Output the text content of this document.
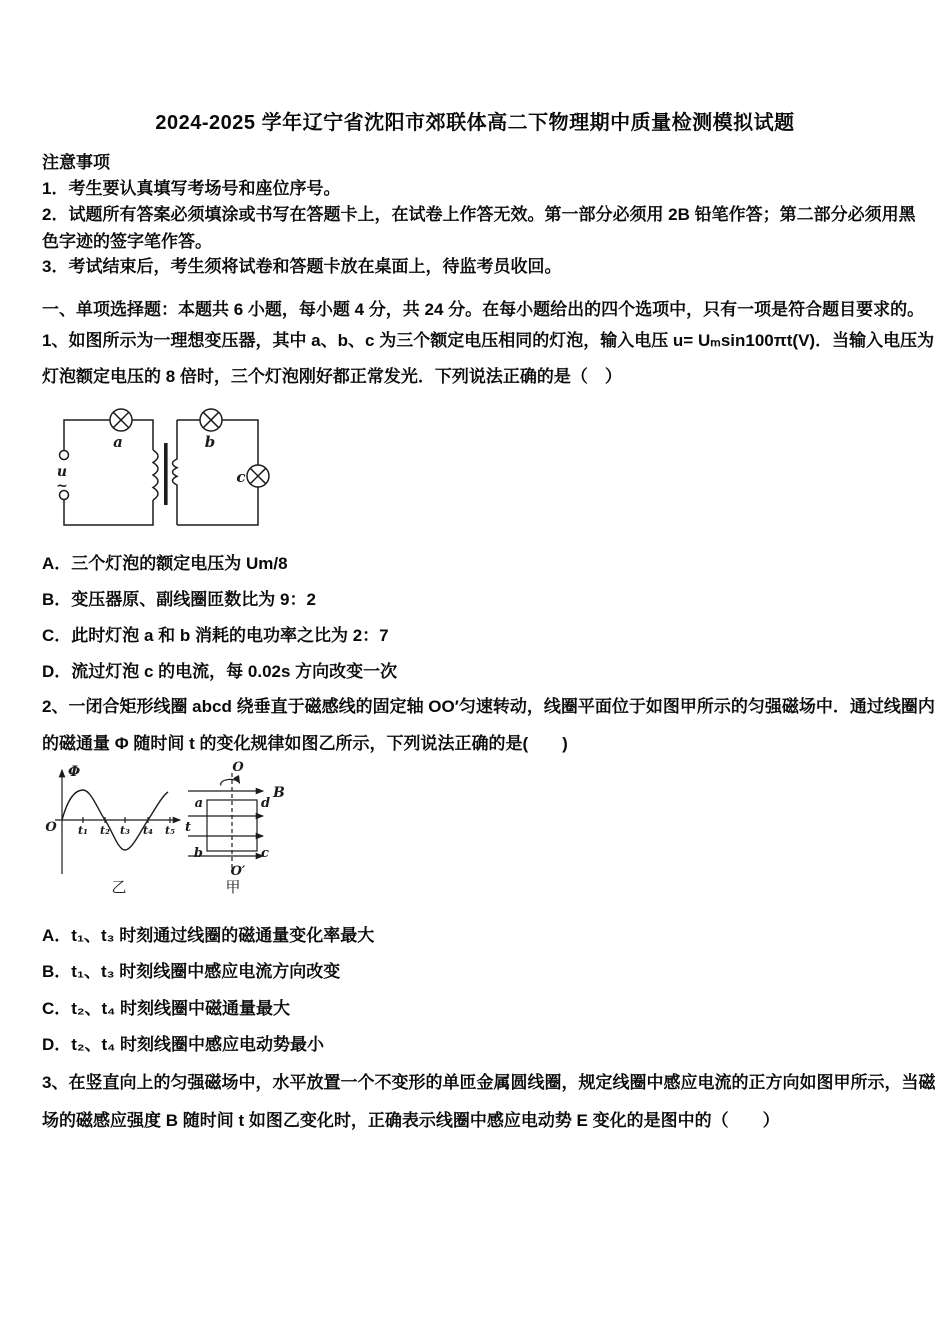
2024-2025 学年辽宁省沈阳市郊联体高二下物理期中质量检测模拟试题
注意事项
1．考生要认真填写考场号和座位序号。
2．试题所有答案必须填涂或书写在答题卡上，在试卷上作答无效。第一部分必须用 2B 铅笔作答；第二部分必须用黑色字迹的签字笔作答。
3．考试结束后，考生须将试卷和答题卡放在桌面上，待监考员收回。
一、单项选择题：本题共 6 小题，每小题 4 分，共 24 分。在每小题给出的四个选项中，只有一项是符合题目要求的。
1、如图所示为一理想变压器，其中 a、b、c 为三个额定电压相同的灯泡，输入电压 u= Uₘsin100πt(V)．当输入电压为灯泡额定电压的 8 倍时，三个灯泡刚好都正常发光．下列说法正确的是（　）
a	b
c
u
~
A．三个灯泡的额定电压为 Um/8
B．变压器原、副线圈匝数比为 9：2
C．此时灯泡 a 和 b 消耗的电功率之比为 2：7
D．流过灯泡 c 的电流，每 0.02s 方向改变一次
2、一闭合矩形线圈 abcd 绕垂直于磁感线的固定轴 OO′匀速转动，线圈平面位于如图甲所示的匀强磁场中．通过线圈内的磁通量 Φ 随时间 t 的变化规律如图乙所示，下列说法正确的是(　　)
Φ
O	t
t₁ t₂ t₃ t₄ t₅
乙
O
O′
B
a	d
b	c
甲
A．t₁、t₃ 时刻通过线圈的磁通量变化率最大
B．t₁、t₃ 时刻线圈中感应电流方向改变
C．t₂、t₄ 时刻线圈中磁通量最大
D．t₂、t₄ 时刻线圈中感应电动势最小
3、在竖直向上的匀强磁场中，水平放置一个不变形的单匝金属圆线圈，规定线圈中感应电流的正方向如图甲所示，当磁场的磁感应强度 B 随时间 t 如图乙变化时，正确表示线圈中感应电动势 E 变化的是图中的（　　）
